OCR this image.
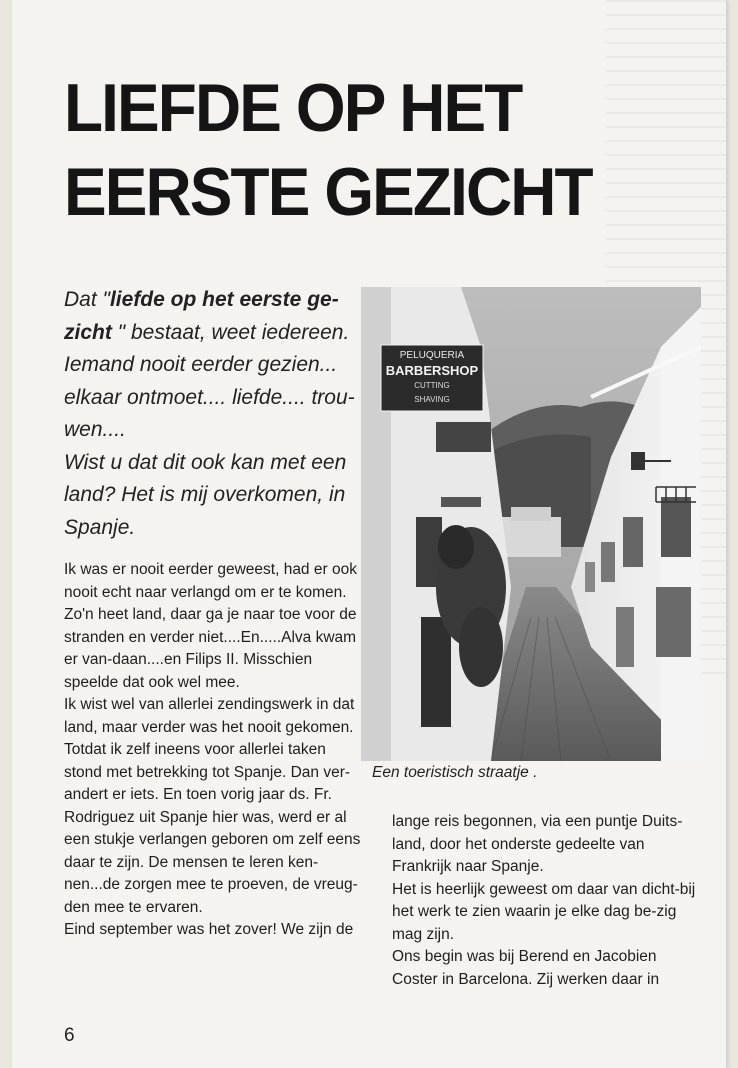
LIEFDE OP HET
EERSTE GEZICHT

Dat "liefde op het eerste ge-zicht " bestaat, weet iedereen. Iemand nooit eerder gezien... elkaar ontmoet.... liefde.... trou-wen....

Wist u dat dit ook kan met een land? Het is mij overkomen, in Spanje.

Ik was er nooit eerder geweest, had er ook nooit echt naar verlangd om er te komen. Zo'n heet land, daar ga je naar toe voor de stranden en verder niet....En.....Alva kwam er van-daan....en Filips II. Misschien speelde dat ook wel mee.

Ik wist wel van allerlei zendingswerk in dat land, maar verder was het nooit gekomen.

Totdat ik zelf ineens voor allerlei taken stond met betrekking tot Spanje. Dan ver-andert er iets. En toen vorig jaar ds. Fr. Rodriguez uit Spanje hier was, werd er al een stukje verlangen geboren om zelf eens daar te zijn. De mensen te leren ken-nen...de zorgen mee te proeven, de vreug-den mee te ervaren.

Eind september was het zover! We zijn de

PELUQUERIA
BARBERSHOP
CUTTING
SHAVING
Een toeristisch straatje .

lange reis begonnen, via een puntje Duits-land, door het onderste gedeelte van Frankrijk naar Spanje.

Het is heerlijk geweest om daar van dicht-bij het werk te zien waarin je elke dag be-zig mag zijn.

Ons begin was bij Berend en Jacobien Coster in Barcelona. Zij werken daar in

6
